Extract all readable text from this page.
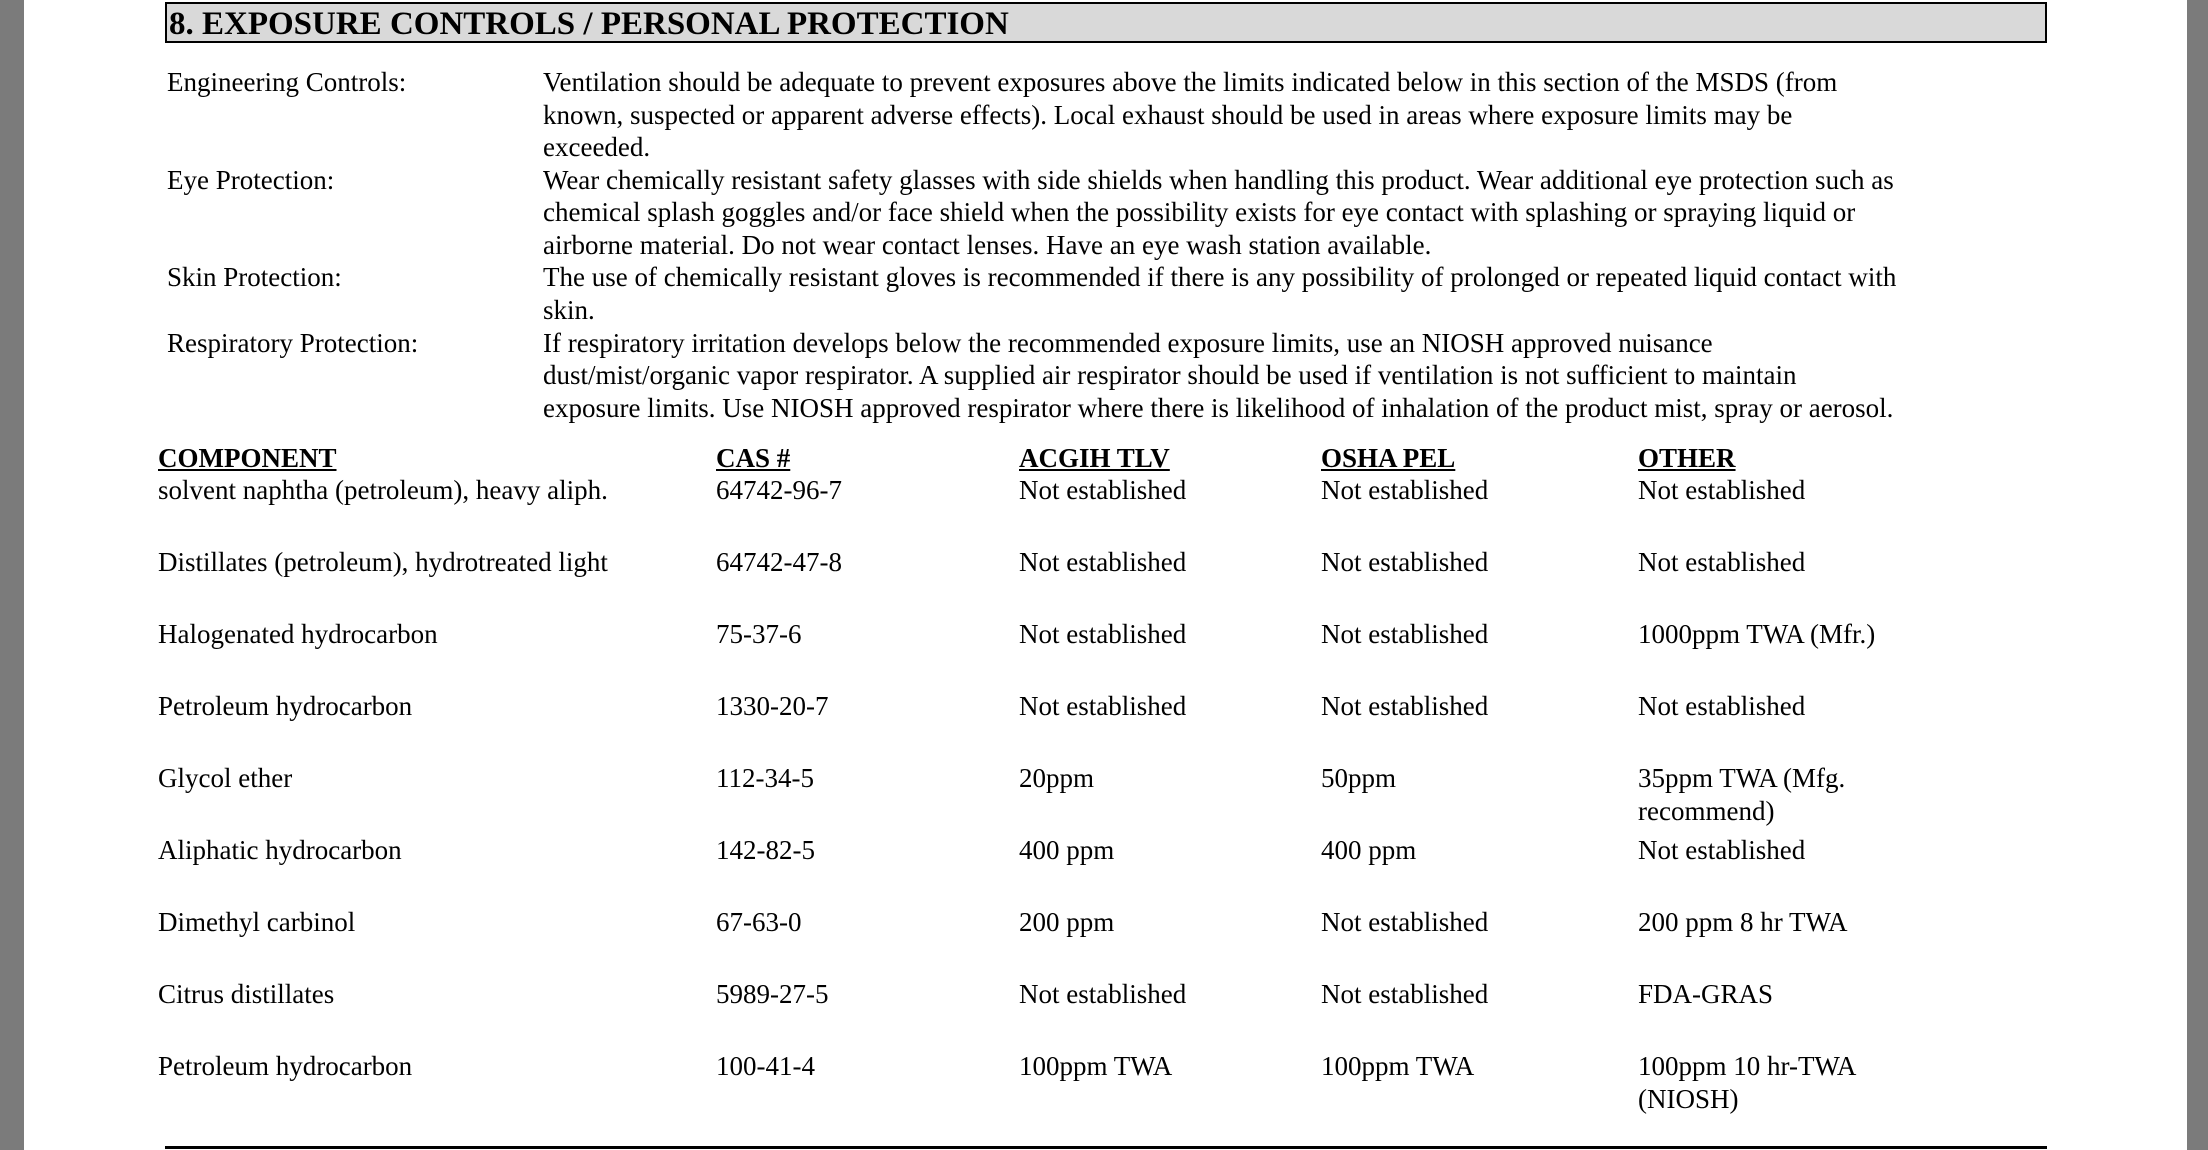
8. EXPOSURE CONTROLS / PERSONAL PROTECTION
Engineering Controls:	Ventilation should be adequate to prevent exposures above the limits indicated below in this section of the MSDS (from
known, suspected or apparent adverse effects). Local exhaust should be used in areas where exposure limits may be
exceeded.
Eye Protection:	Wear chemically resistant safety glasses with side shields when handling this product. Wear additional eye protection such as
chemical splash goggles and/or face shield when the possibility exists for eye contact with splashing or spraying liquid or
airborne material. Do not wear contact lenses. Have an eye wash station available.
Skin Protection:	The use of chemically resistant gloves is recommended if there is any possibility of prolonged or repeated liquid contact with
skin.
Respiratory Protection:	If respiratory irritation develops below the recommended exposure limits, use an NIOSH approved nuisance
dust/mist/organic vapor respirator. A supplied air respirator should be used if ventilation is not sufficient to maintain
exposure limits. Use NIOSH approved respirator where there is likelihood of inhalation of the product mist, spray or aerosol.
COMPONENT	CAS #	ACGIH TLV	OSHA PEL	OTHER
solvent naphtha (petroleum), heavy aliph.	64742-96-7	Not established	Not established	Not established
Distillates (petroleum), hydrotreated light	64742-47-8	Not established	Not established	Not established
Halogenated hydrocarbon	75-37-6	Not established	Not established	1000ppm TWA (Mfr.)
Petroleum hydrocarbon	1330-20-7	Not established	Not established	Not established
Glycol ether	112-34-5	20ppm	50ppm	35ppm TWA (Mfg.
recommend)
Aliphatic hydrocarbon	142-82-5	400 ppm	400 ppm	Not established
Dimethyl carbinol	67-63-0	200 ppm	Not established	200 ppm 8 hr TWA
Citrus distillates	5989-27-5	Not established	Not established	FDA-GRAS
Petroleum hydrocarbon	100-41-4	100ppm TWA	100ppm TWA	100ppm 10 hr-TWA
(NIOSH)
